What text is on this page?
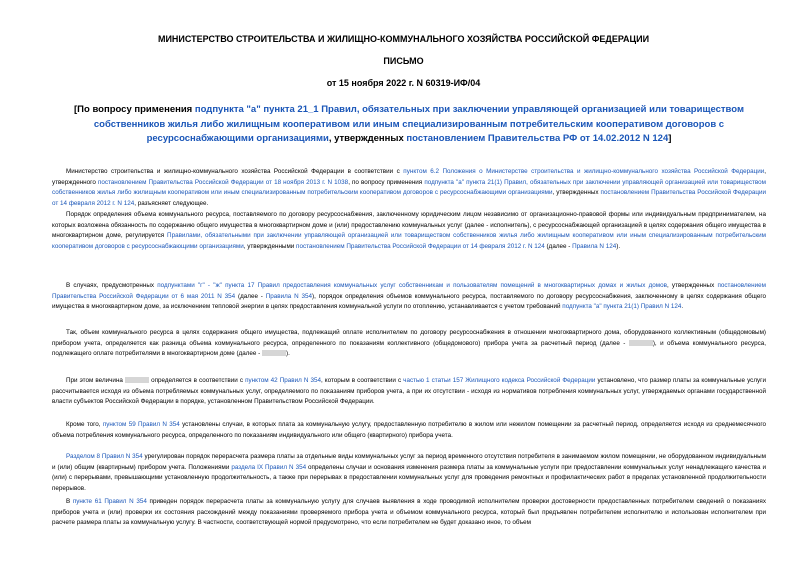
МИНИСТЕРСТВО СТРОИТЕЛЬСТВА И ЖИЛИЩНО-КОММУНАЛЬНОГО ХОЗЯЙСТВА РОССИЙСКОЙ ФЕДЕРАЦИИ
ПИСЬМО
от 15 ноября 2022 г. N 60319-ИФ/04
[По вопросу применения подпункта "а" пункта 21_1 Правил, обязательных при заключении управляющей организацией или товариществом собственников жилья либо жилищным кооперативом или иным специализированным потребительским кооперативом договоров с ресурсоснабжающими организациями, утвержденных постановлением Правительства РФ от 14.02.2012 N 124]
Министерство строительства и жилищно-коммунального хозяйства Российской Федерации в соответствии с пунктом 6.2 Положения о Министерстве строительства и жилищно-коммунального хозяйства Российской Федерации, утвержденного постановлением Правительства Российской Федерации от 18 ноября 2013 г. N 1038, по вопросу применения подпункта "а" пункта 21(1) Правил, обязательных при заключении управляющей организацией или товариществом собственников жилья либо жилищным кооперативом или иным специализированным потребительским кооперативом договоров с ресурсоснабжающими организациями, утвержденных постановлением Правительства Российской Федерации от 14 февраля 2012 г. N 124, разъясняет следующее.
Порядок определения объема коммунального ресурса, поставляемого по договору ресурсоснабжения, заключенному юридическим лицом независимо от организационно-правовой формы или индивидуальным предпринимателем, на которых возложена обязанность по содержанию общего имущества в многоквартирном доме и (или) предоставлению коммунальных услуг (далее - исполнитель), с ресурсоснабжающей организацией в целях содержания общего имущества в многоквартирном доме, регулируется Правилами, обязательными при заключении управляющей организацией или товариществом собственников жилья либо жилищным кооперативом или иным специализированным потребительским кооперативом договоров с ресурсоснабжающими организациями, утвержденными постановлением Правительства Российской Федерации от 14 февраля 2012 г. N 124 (далее - Правила N 124).
В случаях, предусмотренных подпунктами "г" - "ж" пункта 17 Правил предоставления коммунальных услуг собственникам и пользователям помещений в многоквартирных домах и жилых домов, утвержденных постановлением Правительства Российской Федерации от 6 мая 2011 N 354 (далее - Правила N 354), порядок определения объемов коммунального ресурса, поставляемого по договору ресурсоснабжения, заключенному в целях содержания общего имущества в многоквартирном доме, за исключением тепловой энергии в целях предоставления коммунальной услуги по отоплению, устанавливается с учетом требований подпункта "а" пункта 21(1) Правил N 124.
Так, объем коммунального ресурса в целях содержания общего имущества, подлежащий оплате исполнителем по договору ресурсоснабжения в отношении многоквартирного дома, оборудованного коллективным (общедомовым) прибором учета, определяется как разница объема коммунального ресурса, определенного по показаниям коллективного (общедомового) прибора учета за расчетный период (далее -	), и объема коммунального ресурса, подлежащего оплате потребителями в многоквартирном доме (далее -	).
При этом величина	определяется в соответствии с пунктом 42 Правил N 354, которым в соответствии с частью 1 статьи 157 Жилищного кодекса Российской Федерации установлено, что размер платы за коммунальные услуги рассчитывается исходя из объема потребляемых коммунальных услуг, определяемого по показаниям приборов учета, а при их отсутствии - исходя из нормативов потребления коммунальных услуг, утверждаемых органами государственной власти субъектов Российской Федерации в порядке, установленном Правительством Российской Федерации.
Кроме того, пунктом 59 Правил N 354 установлены случаи, в которых плата за коммунальную услугу, предоставленную потребителю в жилом или нежилом помещении за расчетный период, определяется исходя из среднемесячного объема потребления коммунального ресурса, определенного по показаниям индивидуального или общего (квартирного) прибора учета.
Разделом 8 Правил N 354 урегулирован порядок перерасчета размера платы за отдельные виды коммунальных услуг за период временного отсутствия потребителя в занимаемом жилом помещении, не оборудованном индивидуальным и (или) общим (квартирным) прибором учета. Положениями раздела IX Правил N 354 определены случаи и основания изменения размера платы за коммунальные услуги при предоставлении коммунальных услуг ненадлежащего качества и (или) с перерывами, превышающими установленную продолжительность, а также при перерывах в предоставлении коммунальных услуг для проведения ремонтных и профилактических работ в пределах установленной продолжительности перерывов.
В пункте 61 Правил N 354 приведен порядок перерасчета платы за коммунальную услугу для случаев выявления в ходе проводимой исполнителем проверки достоверности предоставленных потребителем сведений о показаниях приборов учета и (или) проверки их состояния расхождений между показаниями проверяемого прибора учета и объемом коммунального ресурса, который был предъявлен потребителем исполнителю и использован исполнителем при расчете размера платы за коммунальную услугу. В частности, соответствующей нормой предусмотрено, что если потребителем не будет доказано иное, то объем
